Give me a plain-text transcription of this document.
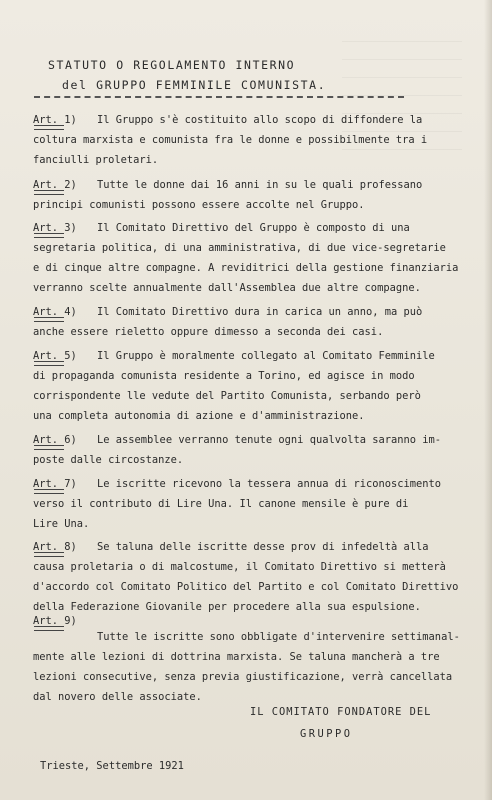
STATUTO O REGOLAMENTO INTERNO
del GRUPPO FEMMINILE COMUNISTA.
Art. 1) Il Gruppo s'è costituito allo scopo di diffondere la
coltura marxista e comunista fra le donne e possibilmente tra i
fanciulli proletari.
Art. 2) Tutte le donne dai 16 anni in su le quali professano
principi comunisti possono essere accolte nel Gruppo.
Art. 3) Il Comitato Direttivo del Gruppo è composto di una
segretaria politica, di una amministrativa, di due vice-segretarie
e di cinque altre compagne. A reviditrici della gestione finanziaria
verranno scelte annualmente dall'Assemblea due altre compagne.
Art. 4) Il Comitato Direttivo dura in carica un anno, ma può
anche essere rieletto oppure dimesso a seconda dei casi.
Art. 5) Il Gruppo è moralmente collegato al Comitato Femminile
di propaganda comunista residente a Torino, ed agisce in modo
corrispondente lle vedute del Partito Comunista, serbando però
una completa autonomia di azione e d'amministrazione.
Art. 6) Le assemblee verranno tenute ogni qualvolta saranno im-
poste dalle circostanze.
Art. 7) Le iscritte ricevono la tessera annua di riconoscimento
verso il contributo di Lire Una. Il canone mensile è pure di
Lire Una.
Art. 8) Se taluna delle iscritte desse prov di infedeltà alla
causa proletaria o di malcostume, il Comitato Direttivo si metterà
d'accordo col Comitato Politico del Partito e col Comitato Direttivo
della Federazione Giovanile per procedere alla sua espulsione.
Art. 9)
Tutte le iscritte sono obbligate d'intervenire settimanal-
mente alle lezioni di dottrina marxista. Se taluna mancherà a tre
lezioni consecutive, senza previa giustificazione, verrà cancellata
dal novero delle associate.
IL COMITATO FONDATORE DEL
GRUPPO
Trieste, Settembre 1921
